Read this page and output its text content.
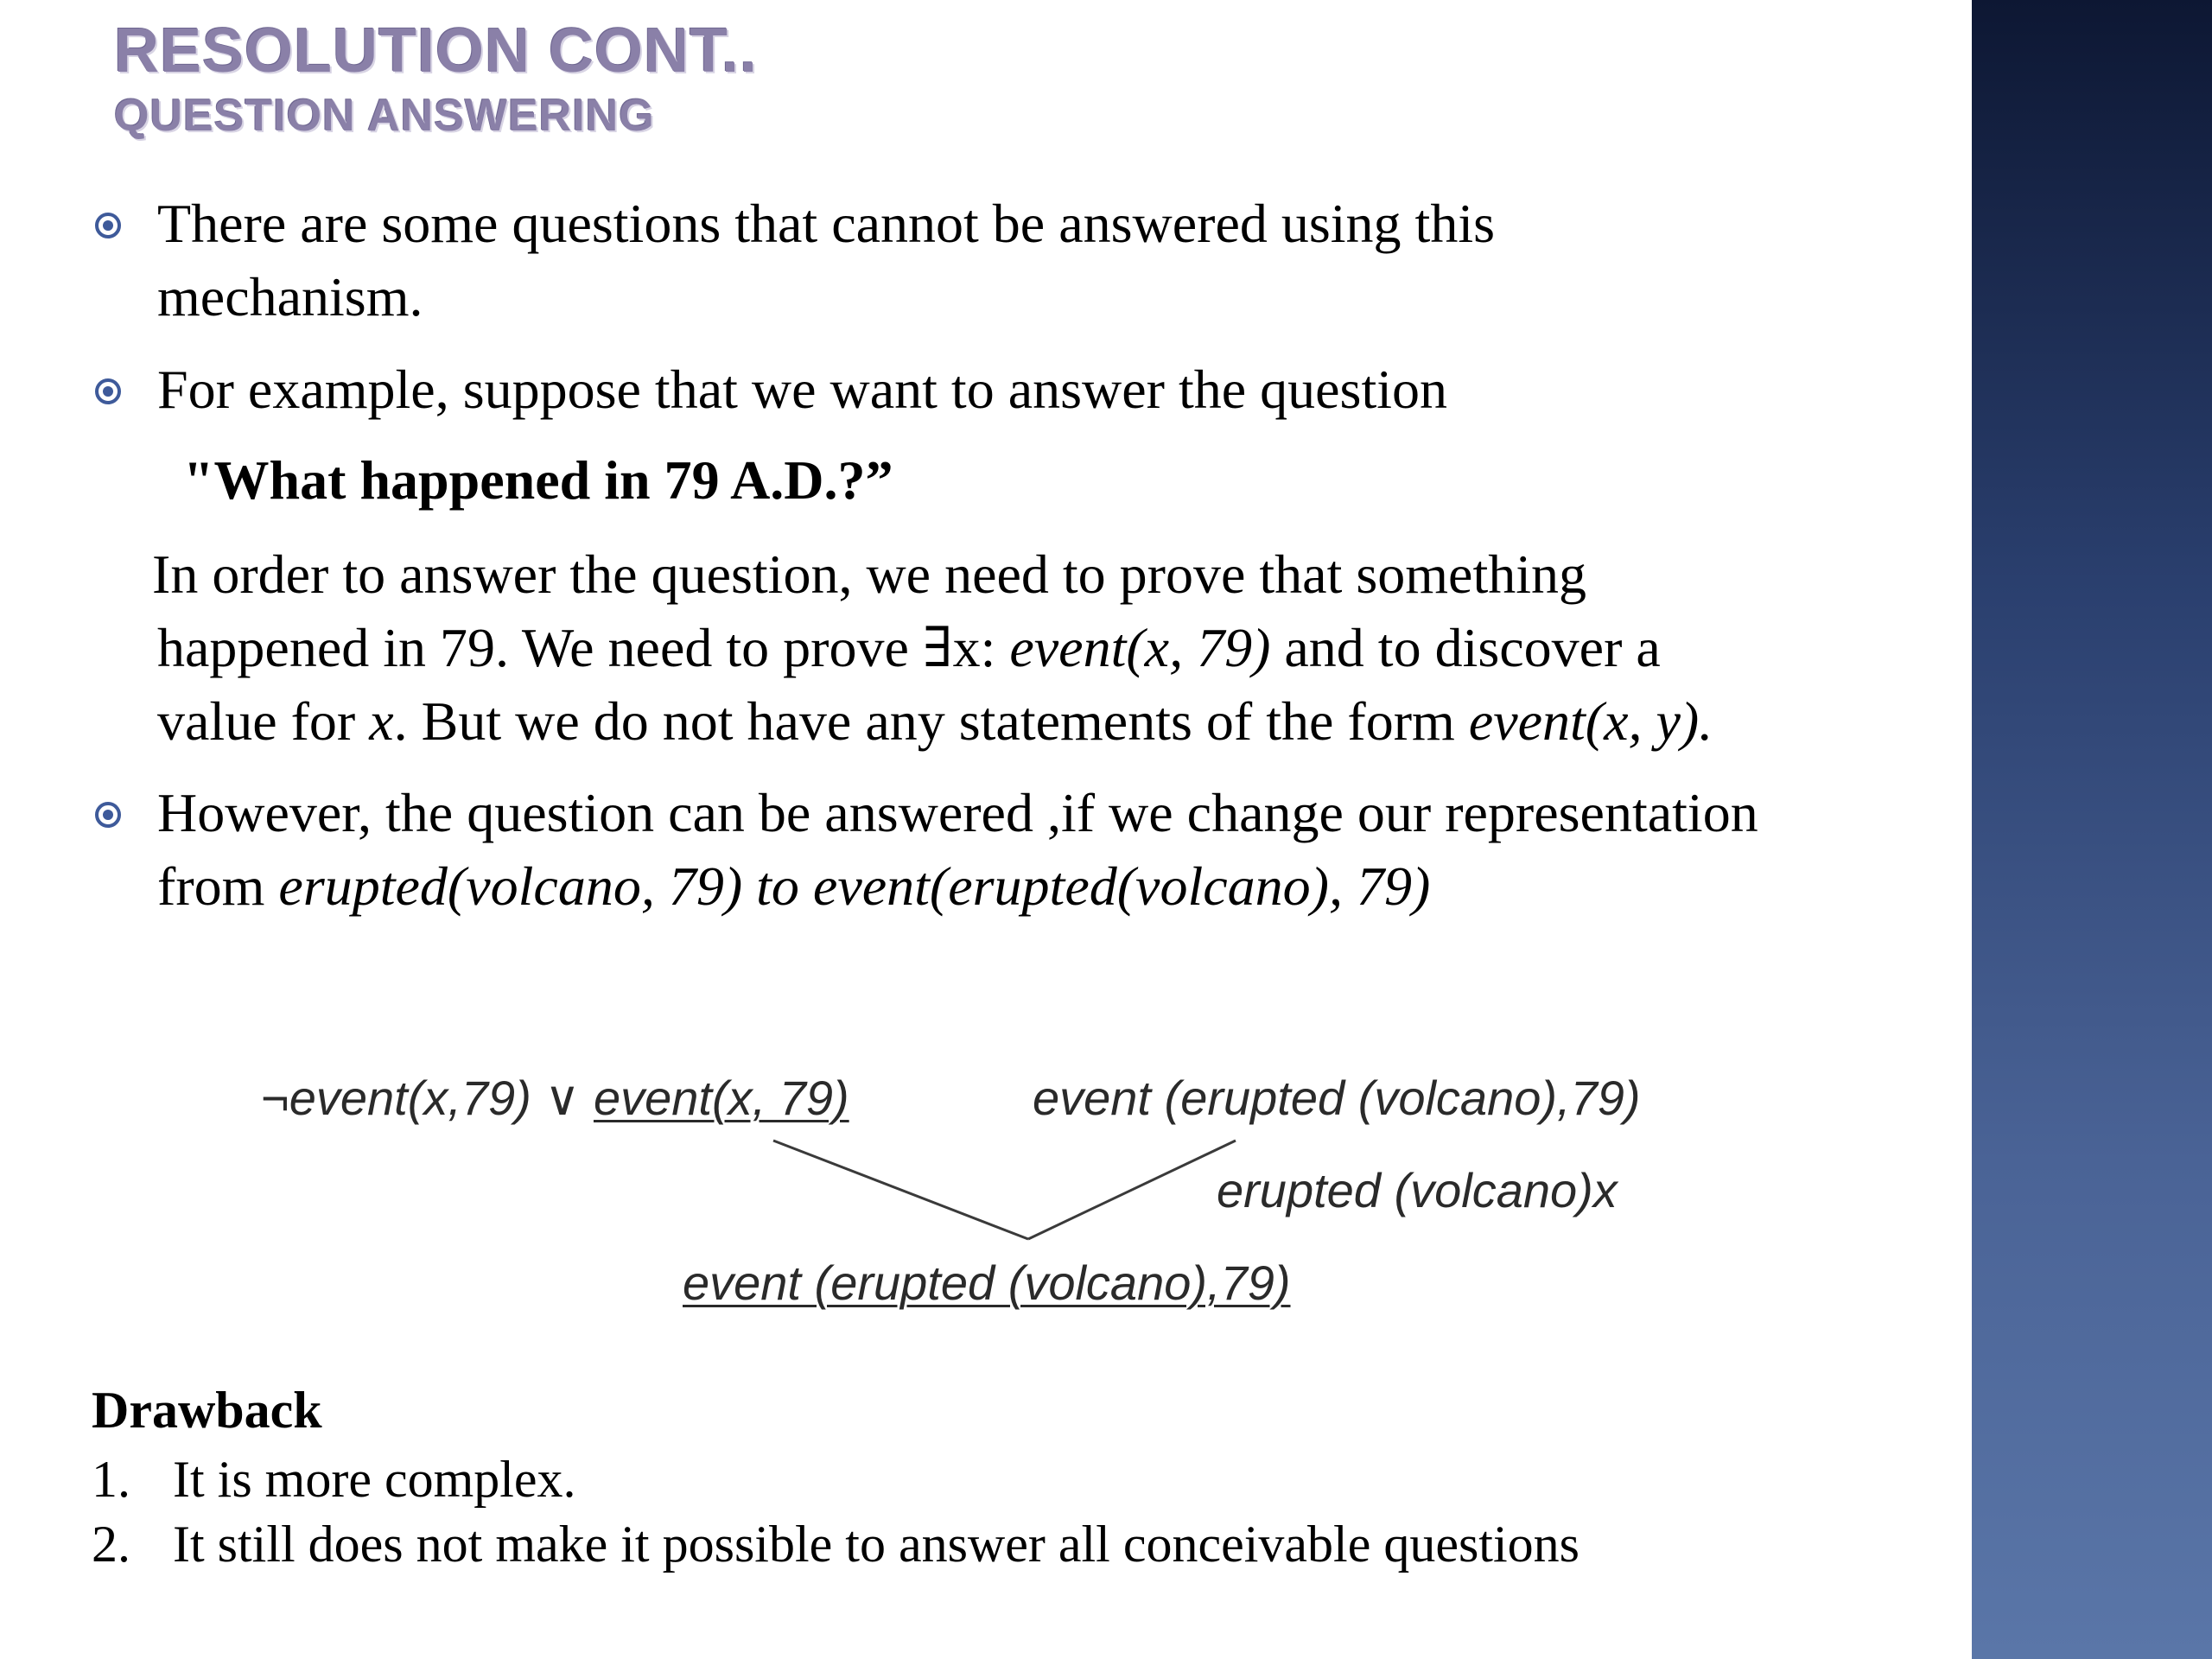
RESOLUTION CONT..
QUESTION ANSWERING
There are some questions that cannot be answered using this
mechanism.
For example, suppose that we want to answer the question
"What happened in 79 A.D.?”
In order to answer the question, we need to prove that something
happened in 79. We need to prove ∃x: event(x, 79) and to discover a
value for x. But we do not have any statements of the form event(x, y).
However, the question can be answered ,if we change our representation
from erupted(volcano, 79) to event(erupted(volcano), 79)
¬event(x,79) ∨ event(x, 79)	event (erupted (volcano),79)
erupted (volcano)x
event (erupted (volcano),79)
Drawback
1. It is more complex.
2. It still does not make it possible to answer all conceivable questions
